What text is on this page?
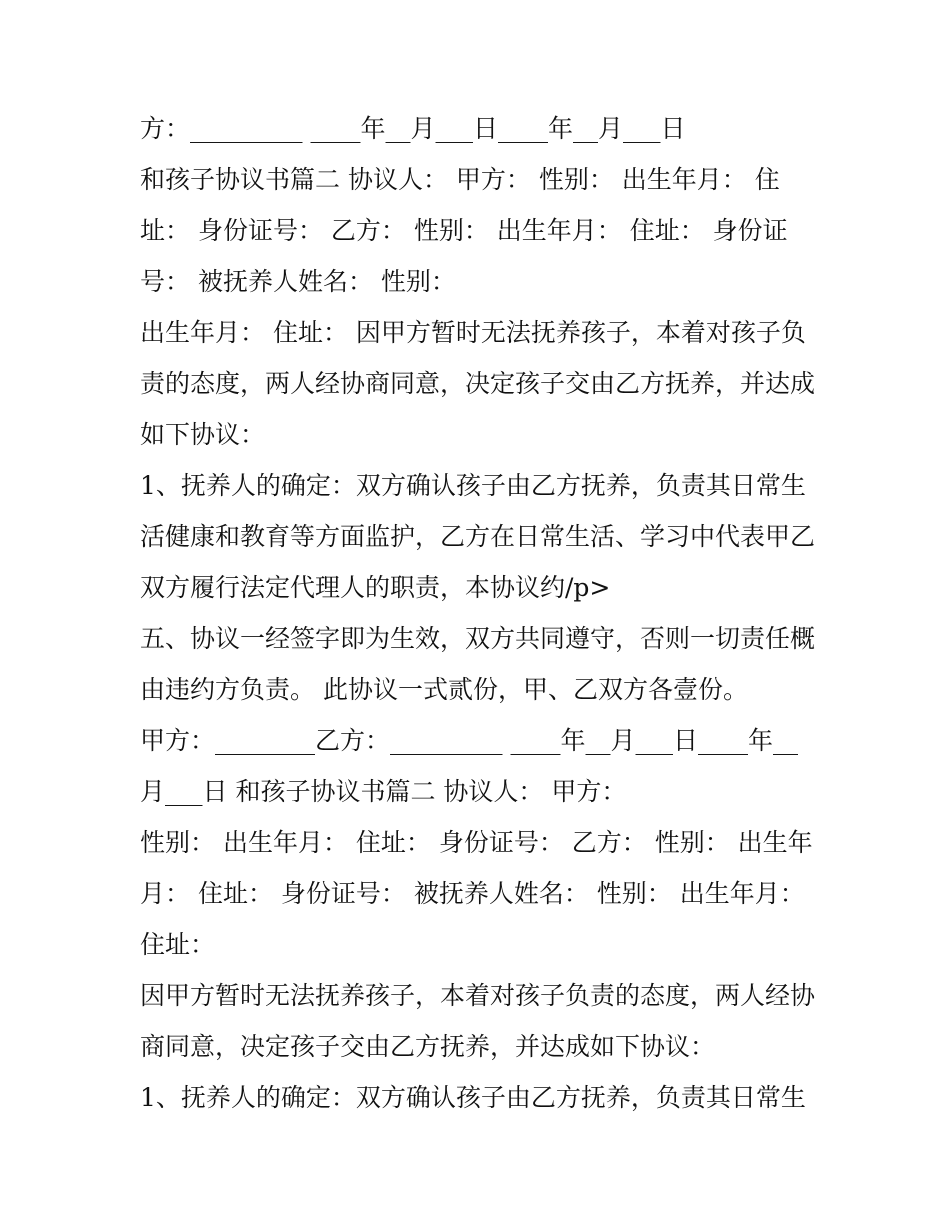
方：_________ ____年__月___日____年__月___日
和孩子协议书篇二 协议人： 甲方： 性别： 出生年月： 住
址： 身份证号： 乙方： 性别： 出生年月： 住址： 身份证
号： 被抚养人姓名： 性别：
出生年月： 住址： 因甲方暂时无法抚养孩子，本着对孩子负
责的态度，两人经协商同意，决定孩子交由乙方抚养，并达成
如下协议：
1、抚养人的确定：双方确认孩子由乙方抚养，负责其日常生
活健康和教育等方面监护，乙方在日常生活、学习中代表甲乙
双方履行法定代理人的职责，本协议约/p>
五、协议一经签字即为生效，双方共同遵守，否则一切责任概
由违约方负责。 此协议一式贰份，甲、乙双方各壹份。
甲方：________乙方：_________ ____年__月___日____年__
月___日 和孩子协议书篇二 协议人： 甲方：
性别： 出生年月： 住址： 身份证号： 乙方： 性别： 出生年
月： 住址： 身份证号： 被抚养人姓名： 性别： 出生年月：
住址：
因甲方暂时无法抚养孩子，本着对孩子负责的态度，两人经协
商同意，决定孩子交由乙方抚养，并达成如下协议：
1、抚养人的确定：双方确认孩子由乙方抚养，负责其日常生
